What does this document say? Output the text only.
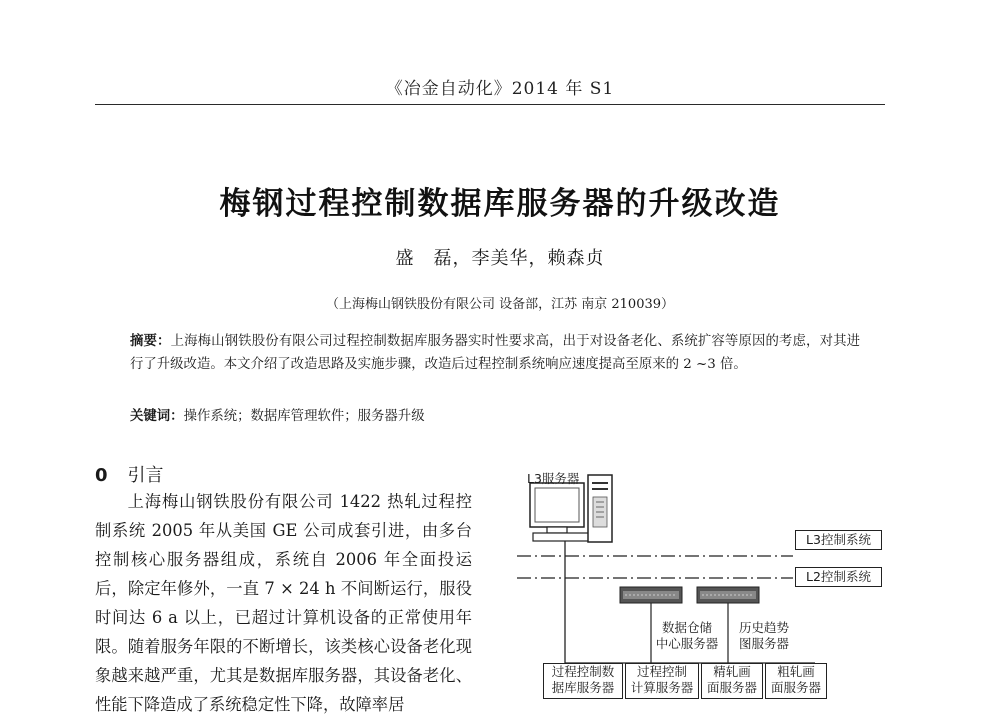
《冶金自动化》2014 年 S1
梅钢过程控制数据库服务器的升级改造
盛　磊，李美华，赖森贞
（上海梅山钢铁股份有限公司 设备部，江苏 南京 210039）
摘要：上海梅山钢铁股份有限公司过程控制数据库服务器实时性要求高，出于对设备老化、系统扩容等原因的考虑，对其进行了升级改造。本文介绍了改造思路及实施步骤，改造后过程控制系统响应速度提高至原来的 2 ~3 倍。
关键词：操作系统；数据库管理软件；服务器升级
0 引言
上海梅山钢铁股份有限公司 1422 热轧过程控制系统 2005 年从美国 GE 公司成套引进，由多台控制核心服务器组成，系统自 2006 年全面投运后，除定年修外，一直 7 × 24 h 不间断运行，服役时间达 6 a 以上，已超过计算机设备的正常使用年限。随着服务年限的不断增长，该类核心设备老化现象越来越严重，尤其是数据库服务器，其设备老化、性能下降造成了系统稳定性下降，故障率居
L3服务器
L3控制系统
L2控制系统
数据仓储
中心服务器
历史趋势
图服务器
过程控制数
据库服务器
过程控制
计算服务器
精轧画
面服务器
粗轧画
面服务器
